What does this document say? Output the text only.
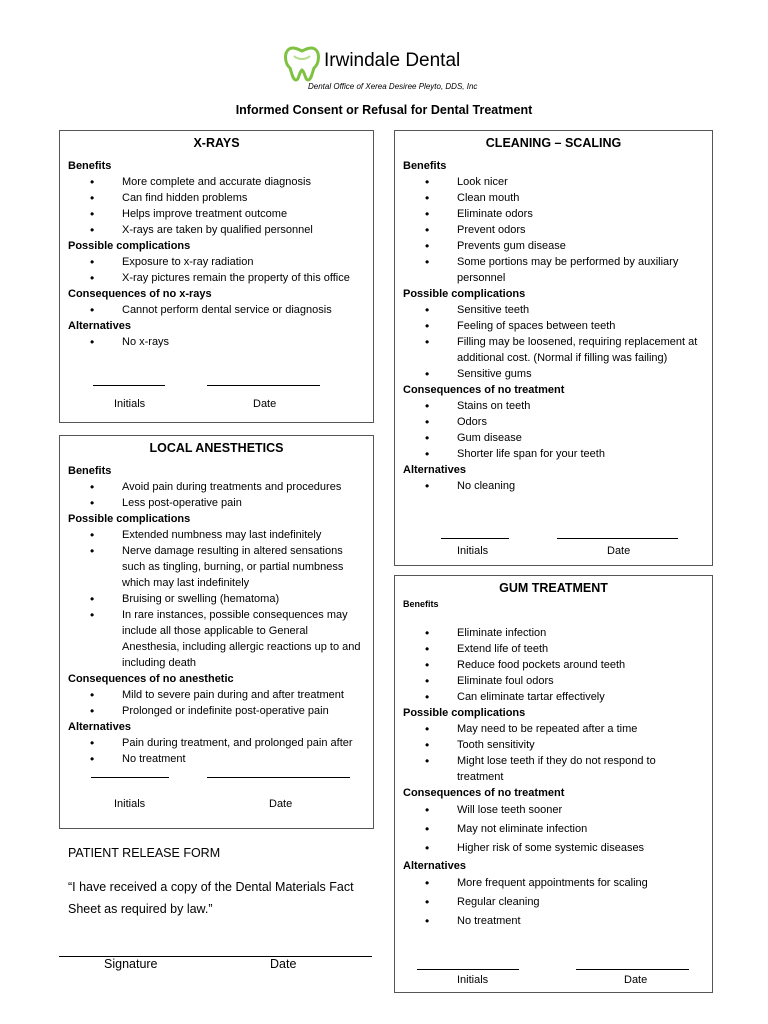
Irwindale Dental
Dental Office of Xerea Desiree Pleyto, DDS, Inc
Informed Consent or Refusal for Dental Treatment
X-RAYS
Benefits
• More complete and accurate diagnosis
• Can find hidden problems
• Helps improve treatment outcome
• X-rays are taken by qualified personnel
Possible complications
• Exposure to x-ray radiation
• X-ray pictures remain the property of this office
Consequences of no x-rays
• Cannot perform dental service or diagnosis
Alternatives
• No x-rays
Initials	Date
LOCAL ANESTHETICS
Benefits
• Avoid pain during treatments and procedures
• Less post-operative pain
Possible complications
• Extended numbness may last indefinitely
• Nerve damage resulting in altered sensations such as tingling, burning, or partial numbness which may last indefinitely
• Bruising or swelling (hematoma)
• In rare instances, possible consequences may include all those applicable to General Anesthesia, including allergic reactions up to and including death
Consequences of no anesthetic
• Mild to severe pain during and after treatment
• Prolonged or indefinite post-operative pain
Alternatives
• Pain during treatment, and prolonged pain after
• No treatment
Initials	Date
CLEANING – SCALING
Benefits
• Look nicer
• Clean mouth
• Eliminate odors
• Prevent odors
• Prevents gum disease
• Some portions may be performed by auxiliary personnel
Possible complications
• Sensitive teeth
• Feeling of spaces between teeth
• Filling may be loosened, requiring replacement at additional cost. (Normal if filling was failing)
• Sensitive gums
Consequences of no treatment
• Stains on teeth
• Odors
• Gum disease
• Shorter life span for your teeth
Alternatives
• No cleaning
Initials	Date
GUM TREATMENT
Benefits
• Eliminate infection
• Extend life of teeth
• Reduce food pockets around teeth
• Eliminate foul odors
• Can eliminate tartar effectively
Possible complications
• May need to be repeated after a time
• Tooth sensitivity
• Might lose teeth if they do not respond to treatment
Consequences of no treatment
• Will lose teeth sooner
• May not eliminate infection
• Higher risk of some systemic diseases
Alternatives
• More frequent appointments for scaling
• Regular cleaning
• No treatment
Initials	Date
PATIENT RELEASE FORM
“I have received a copy of the Dental Materials Fact Sheet as required by law.”
Signature	Date
